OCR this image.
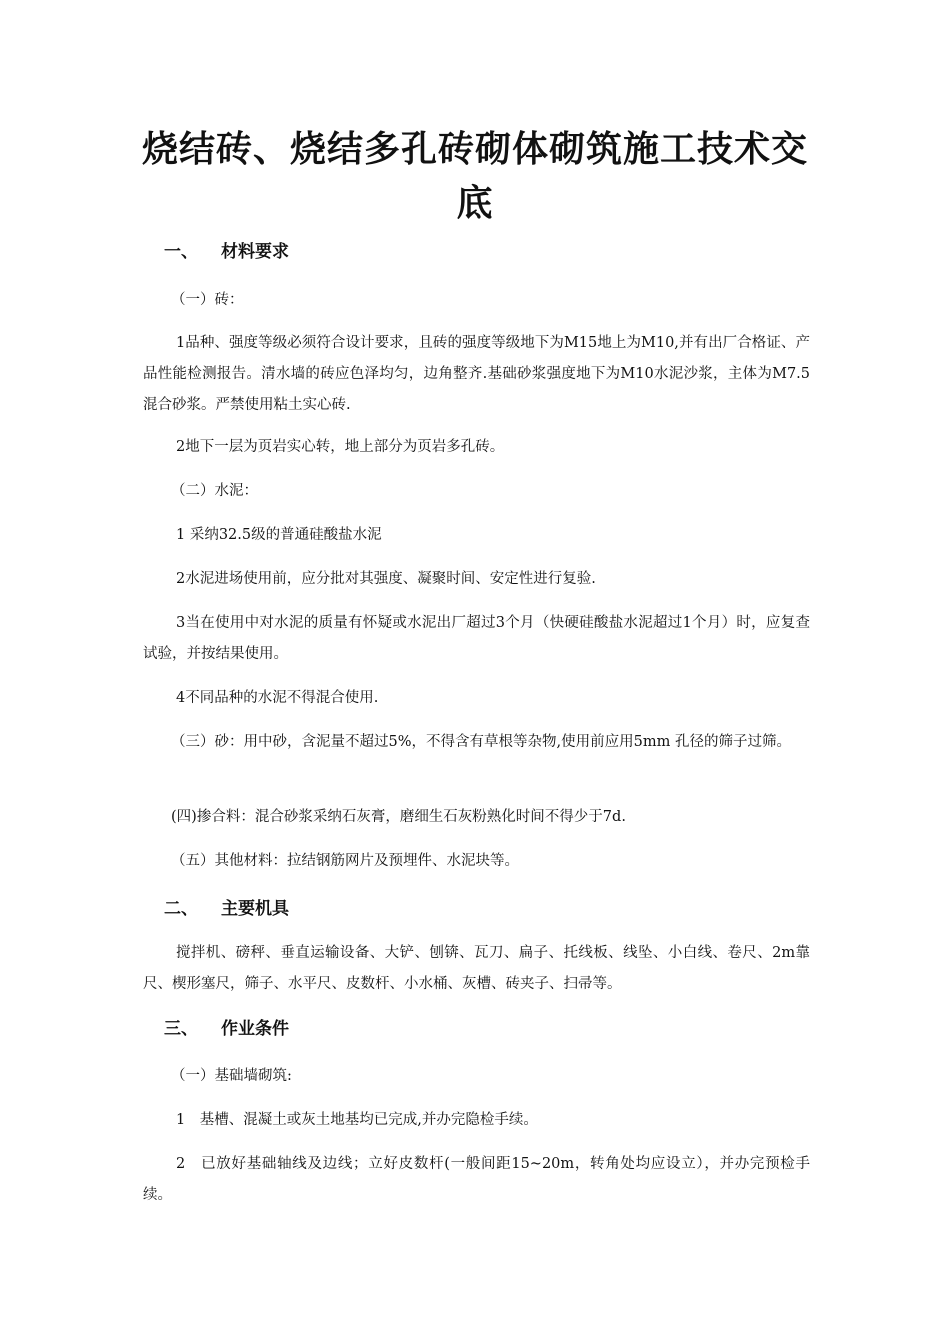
烧结砖、烧结多孔砖砌体砌筑施工技术交底
一、 材料要求
（一）砖：
1品种、强度等级必须符合设计要求，且砖的强度等级地下为M15地上为M10,并有出厂合格证、产品性能检测报告。清水墙的砖应色泽均匀，边角整齐.基础砂浆强度地下为M10水泥沙浆，主体为M7.5混合砂浆。严禁使用粘土实心砖.
2地下一层为页岩实心转，地上部分为页岩多孔砖。
（二）水泥：
1 采纳32.5级的普通硅酸盐水泥
2水泥进场使用前，应分批对其强度、凝聚时间、安定性进行复验.
3当在使用中对水泥的质量有怀疑或水泥出厂超过3个月（快硬硅酸盐水泥超过1个月）时，应复查试验，并按结果使用。
4不同品种的水泥不得混合使用.
（三）砂：用中砂，含泥量不超过5%，不得含有草根等杂物,使用前应用5mm 孔径的筛子过筛。
(四)掺合料：混合砂浆采纳石灰膏，磨细生石灰粉熟化时间不得少于7d.
（五）其他材料：拉结钢筋网片及预埋件、水泥块等。
二、 主要机具
搅拌机、磅秤、垂直运输设备、大铲、刨锛、瓦刀、扁子、托线板、线坠、小白线、卷尺、2m靠尺、楔形塞尺，筛子、水平尺、皮数杆、小水桶、灰槽、砖夹子、扫帚等。
三、 作业条件
（一）基础墙砌筑:
1　基槽、混凝土或灰土地基均已完成,并办完隐检手续。
2　已放好基础轴线及边线；立好皮数杆(一般间距15~20m，转角处均应设立），并办完预检手续。
